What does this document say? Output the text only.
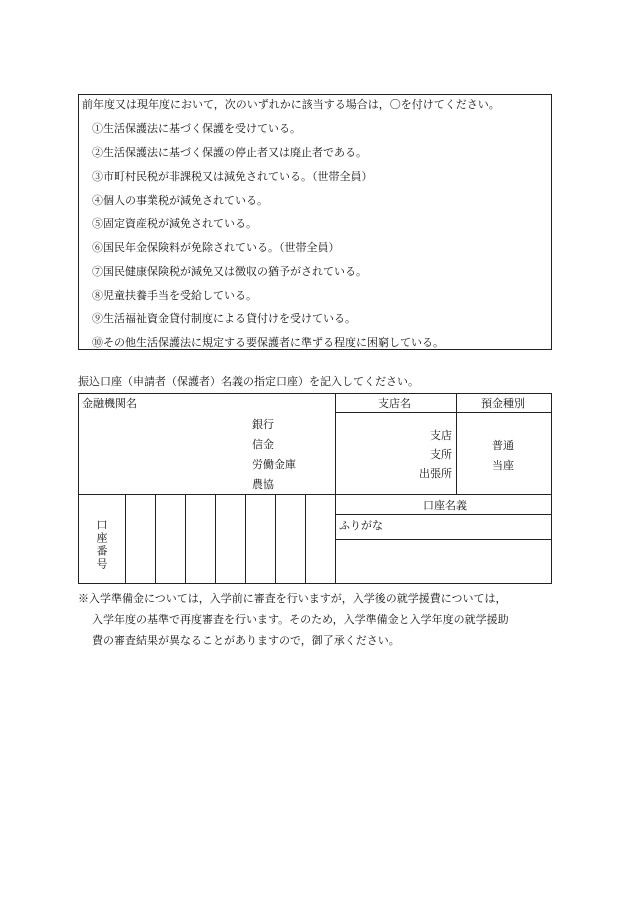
前年度又は現年度において，次のいずれかに該当する場合は，〇を付けてください。
①生活保護法に基づく保護を受けている。
②生活保護法に基づく保護の停止者又は廃止者である。
③市町村民税が非課税又は減免されている。（世帯全員）
④個人の事業税が減免されている。
⑤固定資産税が減免されている。
⑥国民年金保険料が免除されている。（世帯全員）
⑦国民健康保険税が減免又は徴収の猶予がされている。
⑧児童扶養手当を受給している。
⑨生活福祉資金貸付制度による貸付けを受けている。
⑩その他生活保護法に規定する要保護者に準ずる程度に困窮している。
振込口座（申請者（保護者）名義の指定口座）を記入してください。
金融機関名
銀行
信金
労働金庫
農協
支店名
支店
支所
出張所
預金種別
普通
当座
口座番号
口座名義
ふりがな
※入学準備金については，入学前に審査を行いますが，入学後の就学援費については，
入学年度の基準で再度審査を行います。そのため，入学準備金と入学年度の就学援助
費の審査結果が異なることがありますので，御了承ください。
